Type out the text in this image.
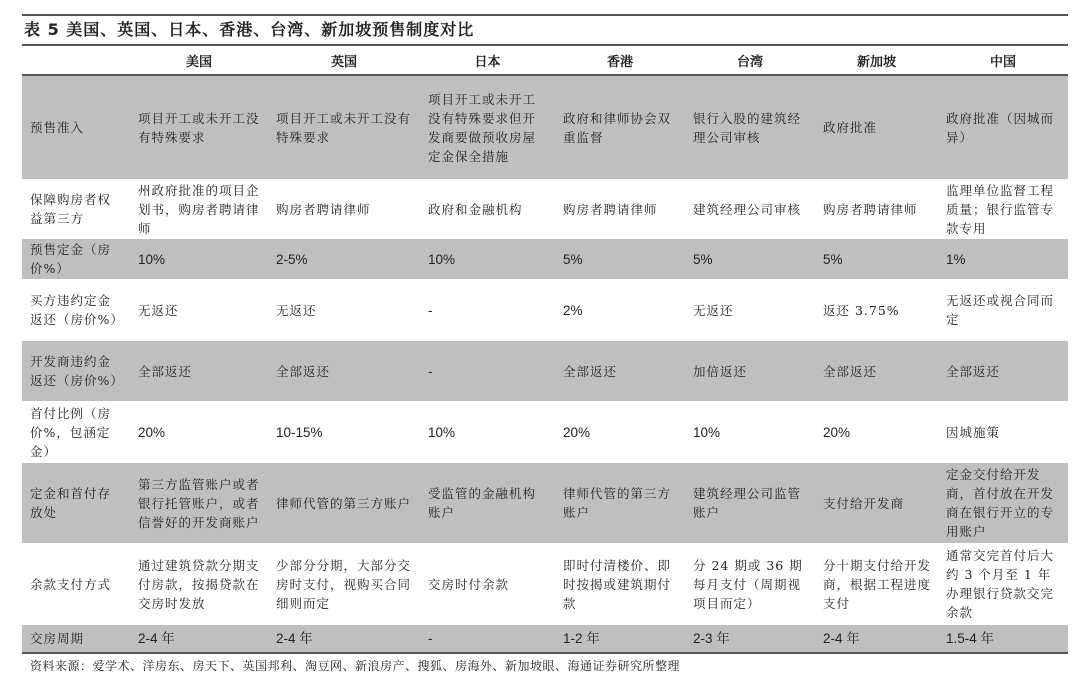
表 5 美国、英国、日本、香港、台湾、新加坡预售制度对比
	美国	英国	日本	香港	台湾	新加坡	中国
预售准入	项目开工或未开工没有特殊要求	项目开工或未开工没有特殊要求	项目开工或未开工没有特殊要求但开发商要做预收房屋定金保全措施	政府和律师协会双重监督	银行入股的建筑经理公司审核	政府批准	政府批准（因城而异）
保障购房者权益第三方	州政府批准的项目企划书，购房者聘请律师	购房者聘请律师	政府和金融机构	购房者聘请律师	建筑经理公司审核	购房者聘请律师	监理单位监督工程质量；银行监管专款专用
预售定金（房价%）	10%	2-5%	10%	5%	5%	5%	1%
买方违约定金返还（房价%）	无返还	无返还	-	2%	无返还	返还 3.75%	无返还或视合同而定
开发商违约金返还（房价%）	全部返还	全部返还	-	全部返还	加倍返还	全部返还	全部返还
首付比例（房价%，包涵定金）	20%	10-15%	10%	20%	10%	20%	因城施策
定金和首付存放处	第三方监管账户或者银行托管账户，或者信誉好的开发商账户	律师代管的第三方账户	受监管的金融机构账户	律师代管的第三方账户	建筑经理公司监管账户	支付给开发商	定金交付给开发商，首付放在开发商在银行开立的专用账户
余款支付方式	通过建筑贷款分期支付房款，按揭贷款在交房时发放	少部分分期，大部分交房时支付，视购买合同细则而定	交房时付余款	即时付清楼价、即时按揭或建筑期付款	分 24 期或 36 期每月支付（周期视项目而定）	分十期支付给开发商，根据工程进度支付	通常交完首付后大约 3 个月至 1 年办理银行贷款交完余款
交房周期	2-4 年	2-4 年	-	1-2 年	2-3 年	2-4 年	1.5-4 年
资料来源：爱学术、洋房东、房天下、英国邦利、淘豆网、新浪房产、搜狐、房海外、新加坡眼、海通证券研究所整理
